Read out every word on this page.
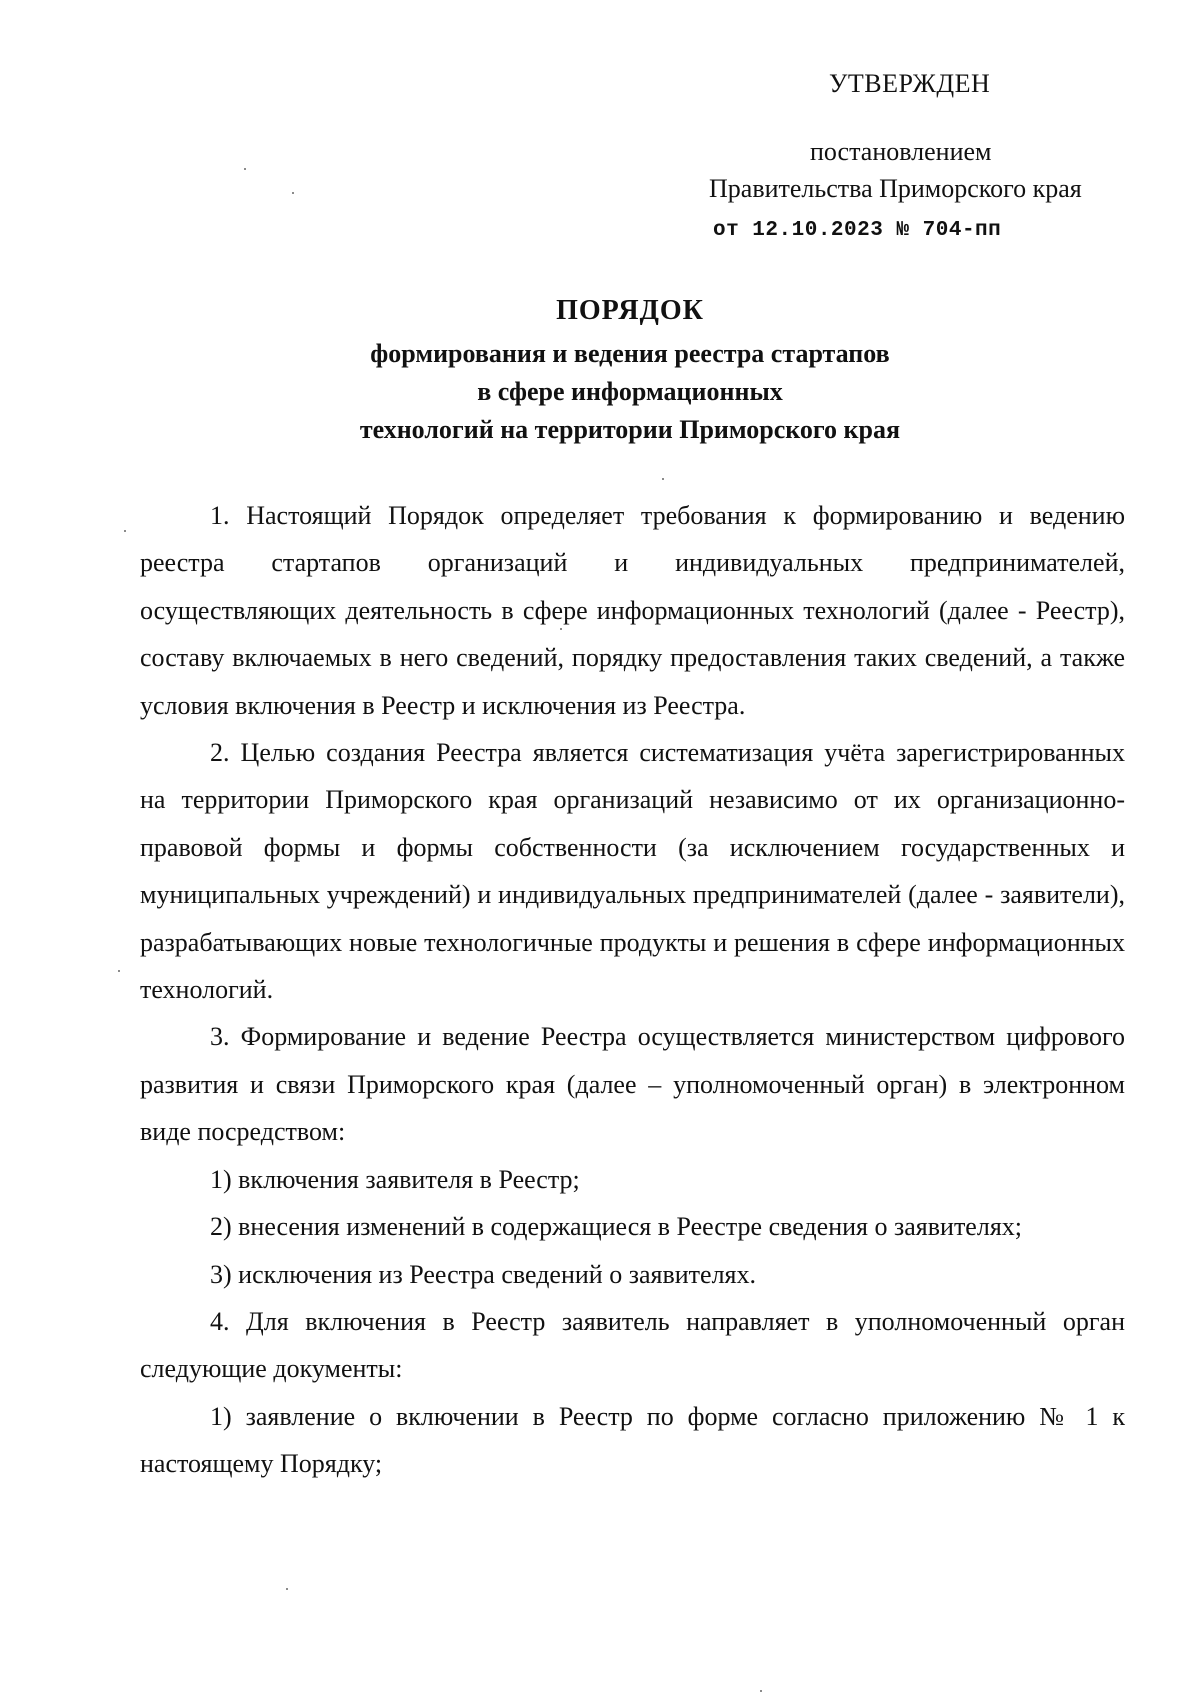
УТВЕРЖДЕН
постановлением
Правительства Приморского края
от 12.10.2023 № 704-пп
ПОРЯДОК
формирования и ведения реестра стартапов
в сфере информационных
технологий на территории Приморского края

1. Настоящий Порядок определяет требования к формированию и ведению реестра стартапов организаций и индивидуальных предпринимателей, осуществляющих деятельность в сфере информационных технологий (далее - Реестр), составу включаемых в него сведений, порядку предоставления таких сведений, а также условия включения в Реестр и исключения из Реестра.

2. Целью создания Реестра является систематизация учёта зарегистрированных на территории Приморского края организаций независимо от их организационно-правовой формы и формы собственности (за исключением государственных и муниципальных учреждений) и индивидуальных предпринимателей (далее - заявители), разрабатывающих новые технологичные продукты и решения в сфере информационных технологий.

3. Формирование и ведение Реестра осуществляется министерством цифрового развития и связи Приморского края (далее – уполномоченный орган) в электронном виде посредством:

1) включения заявителя в Реестр;

2) внесения изменений в содержащиеся в Реестре сведения о заявителях;

3) исключения из Реестра сведений о заявителях.

4. Для включения в Реестр заявитель направляет в уполномоченный орган следующие документы:

1) заявление о включении в Реестр по форме согласно приложению № 1 к настоящему Порядку;
